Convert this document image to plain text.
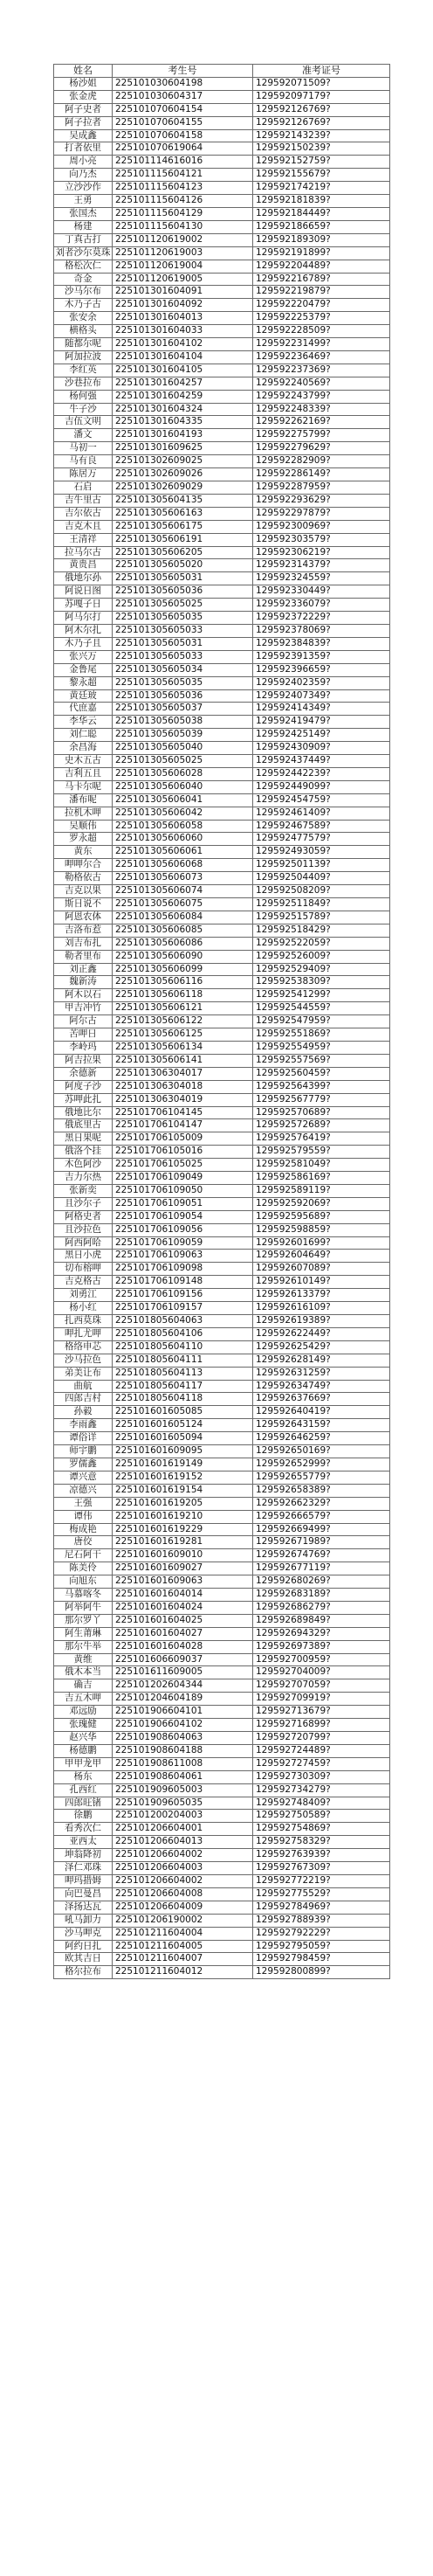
姓名	考生号	准考证号
杨沙姐	225101030604198	129592071509?
张金虎	225101030604317	129592097179?
阿子史者	225101070604154	129592126769?
阿子拉者	225101070604155	129592126769?
吴成鑫	225101070604158	129592143239?
打者依里	225101070619064	129592150239?
周小亮	225101114616016	129592152759?
向乃杰	225101115604121	129592155679?
立沙沙作	225101115604123	129592174219?
王勇	225101115604126	129592181839?
张国杰	225101115604129	129592184449?
杨建	225101115604130	129592186659?
丁真古打	225101120619002	129592189309?
刘者沙尔莫珠	225101120619003	129592191899?
格松次仁	225101120619004	129592204489?
奇金	225101120619005	129592216789?
沙马尔布	225101301604091	129592219879?
木乃子古	225101301604092	129592220479?
张安余	225101301604013	129592225379?
横格头	225101301604033	129592228509?
随都尔呢	225101301604102	129592231499?
阿加拉波	225101301604104	129592236469?
李红英	225101301604105	129592237369?
沙巷拉布	225101301604257	129592240569?
杨何强	225101301604259	129592243799?
牛子沙	225101301604324	129592248339?
吉伍文明	225101301604335	129592262169?
潘文	225101301604193	129592275799?
马初一	225101301609625	129592279629?
马有良	225101302609025	129592282909?
陈居万	225101302609026	129592286149?
石启	225101302609029	129592287959?
吉牛里古	225101305604135	129592293629?
吉尔依古	225101305606163	129592297879?
吉克木且	225101305606175	129592300969?
王清祥	225101305606191	129592303579?
拉马尔古	225101305606205	129592306219?
黄贵昌	225101305605020	129592314379?
俄地尔孙	225101305605031	129592324559?
阿说日图	225101305605036	129592330449?
苏嘎子日	225101305605025	129592336079?
阿马尔打	225101305605035	129592372229?
阿木尔扎	225101305605033	129592378069?
木乃子且	225101305605031	129592384839?
张兴万	225101305605033	129592391359?
金鲁尾	225101305605034	129592396659?
黎永超	225101305605035	129592402359?
黄廷玻	225101305605036	129592407349?
代庶嘉	225101305605037	129592414349?
李华云	225101305605038	129592419479?
刘仁聪	225101305605039	129592425149?
余昌海	225101305605040	129592430909?
史木五古	225101305605025	129592437449?
吉利五且	225101305606028	129592442239?
马卡尔呢	225101305606040	129592449099?
潘布呢	225101305606041	129592454759?
拉机木呷	225101305606042	129592461409?
吴顺伟	225101305606058	129592467589?
罗永超	225101305606060	129592477579?
黄东	225101305606061	129592493059?
呷呷尔合	225101305606068	129592501139?
勒格依古	225101305606073	129592504409?
吉克以果	225101305606074	129592508209?
斯日说不	225101305606075	129592511849?
阿恩农体	225101305606084	129592515789?
吉洛布惹	225101305606085	129592518429?
刘吉布扎	225101305606086	129592522059?
勒者里布	225101305606090	129592526009?
刘正鑫	225101305606099	129592529409?
魏新涛	225101305606116	129592538309?
阿木以石	225101305606118	129592541299?
甲吉冲竹	225101305606121	129592544559?
阿尔古	225101305606122	129592547959?
苦呷日	225101305606125	129592551869?
李岭玛	225101305606134	129592554959?
阿吉拉果	225101305606141	129592557569?
余德新	225101306304017	129592560459?
阿度子沙	225101306304018	129592564399?
苏呷此扎	225101306304019	129592567779?
俄地比尔	225101706104145	129592570689?
俄底里古	225101706104147	129592572689?
黑日果呢	225101706105009	129592576419?
俄洛个挂	225101706105016	129592579559?
木色阿沙	225101706105025	129592581049?
吉力尔热	225101706109049	129592586169?
张新奕	225101706109050	129592589119?
且沙尔子	225101706109051	129592592069?
阿格史者	225101706109054	129592595689?
且沙拉色	225101706109056	129592598859?
阿西阿哈	225101706109059	129592601699?
黑日小虎	225101706109063	129592604649?
切布榕呷	225101706109098	129592607089?
吉克格古	225101706109148	129592610149?
刘勇江	225101706109156	129592613379?
杨小红	225101706109157	129592616109?
扎西莫珠	225101805604063	129592619389?
呷扎尤呷	225101805604106	129592622449?
格络申芯	225101805604110	129592625429?
沙马拉色	225101805604111	129592628149?
弟美让布	225101805604113	129592631259?
曲航	225101805604117	129592634749?
四郎吉村	225101805604118	129592637669?
孙毅	225101601605085	129592640419?
李雨鑫	225101601605124	129592643159?
谭俗详	225101601605094	129592646259?
师宇鹏	225101601609095	129592650169?
罗儒鑫	225101601619149	129592652999?
谭兴意	225101601619152	129592655779?
凉德兴	225101601619154	129592658389?
王强	225101601619205	129592662329?
谭伟	225101601619210	129592666579?
梅成艳	225101601619229	129592669499?
唐佼	225101601619281	129592671989?
尼石阿干	225101601609010	129592674769?
陈美伶	225101601609027	129592677119?
向旭东	225101601609063	129592680269?
马慕喀冬	225101601604014	129592683189?
阿举阿牛	225101601604024	129592686279?
那尔罗丫	225101601604025	129592689849?
阿生莆琳	225101601604027	129592694329?
那尔牛举	225101601604028	129592697389?
黄维	225101606609037	129592700959?
俄木本当	225101611609005	129592704009?
确吉	225101202604344	129592707059?
吉五木呷	225101204604189	129592709919?
邓远励	225101906604101	129592713679?
张瑰健	225101906604102	129592716899?
赵兴华	225101908604063	129592720799?
杨德鹏	225101908604188	129592724489?
甲甲龙甲	225101908611008	129592727459?
杨东	225101908604061	129592730309?
孔西红	225101909605003	129592734279?
四郎旺锗	225101909605035	129592748409?
徐鹏	225101200204003	129592750589?
看秀次仁	225101206604001	129592754869?
亚西太	225101206604013	129592758329?
坤翁降初	225101206604002	129592763939?
泽仁邓珠	225101206604003	129592767309?
呷玛措姆	225101206604002	129592772219?
向巴曼昌	225101206604008	129592775529?
泽扬达瓦	225101206604009	129592784969?
吼马卸力	225101206190002	129592788939?
沙马呷克	225101211604004	129592792229?
阿约日扎	225101211604005	129592795059?
欧其吉日	225101211604007	129592798459?
格尔拉布	225101211604012	129592800899?
